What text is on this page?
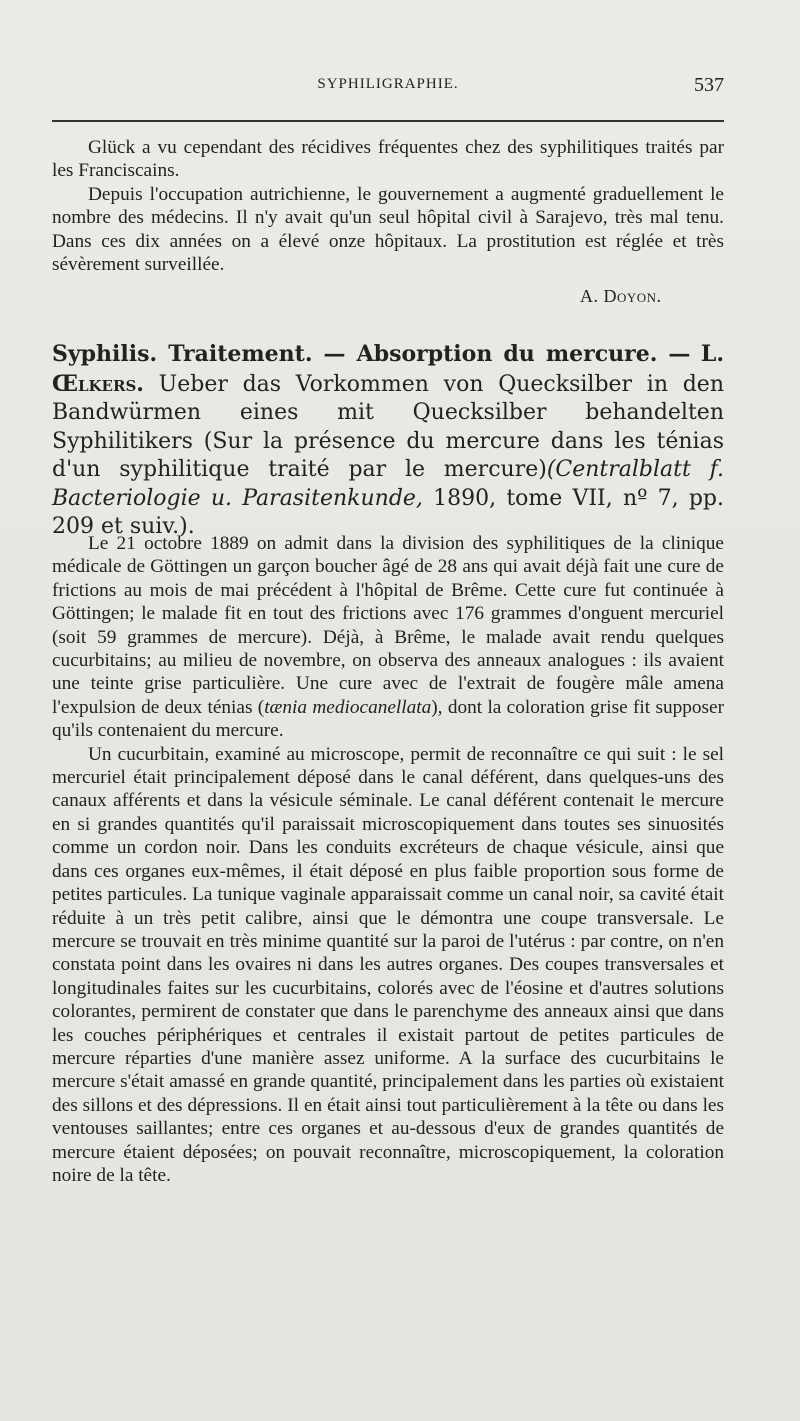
SYPHILIGRAPHIE.	537

Glück a vu cependant des récidives fréquentes chez des syphilitiques traités par les Franciscains.

Depuis l'occupation autrichienne, le gouvernement a augmenté graduellement le nombre des médecins. Il n'y avait qu'un seul hôpital civil à Sarajevo, très mal tenu. Dans ces dix années on a élevé onze hôpitaux. La prostitution est réglée et très sévèrement surveillée.

A. Doyon.
Syphilis. Traitement. — Absorption du mercure. — L. Œlkers. Ueber das Vorkommen von Quecksilber in den Bandwürmen eines mit Quecksilber behandelten Syphilitikers (Sur la présence du mercure dans les ténias d'un syphilitique traité par le mercure)(Centralblatt f. Bacteriologie u. Parasitenkunde, 1890, tome VII, nº 7, pp. 209 et suiv.).

Le 21 octobre 1889 on admit dans la division des syphilitiques de la clinique médicale de Göttingen un garçon boucher âgé de 28 ans qui avait déjà fait une cure de frictions au mois de mai précédent à l'hôpital de Brême. Cette cure fut continuée à Göttingen; le malade fit en tout des frictions avec 176 grammes d'onguent mercuriel (soit 59 grammes de mercure). Déjà, à Brême, le malade avait rendu quelques cucurbitains; au milieu de novembre, on observa des anneaux analogues : ils avaient une teinte grise particulière. Une cure avec de l'extrait de fougère mâle amena l'expulsion de deux ténias (tænia mediocanellata), dont la coloration grise fit supposer qu'ils contenaient du mercure.

Un cucurbitain, examiné au microscope, permit de reconnaître ce qui suit : le sel mercuriel était principalement déposé dans le canal déférent, dans quelques-uns des canaux afférents et dans la vésicule séminale. Le canal déférent contenait le mercure en si grandes quantités qu'il paraissait microscopiquement dans toutes ses sinuosités comme un cordon noir. Dans les conduits excréteurs de chaque vésicule, ainsi que dans ces organes eux-mêmes, il était déposé en plus faible proportion sous forme de petites particules. La tunique vaginale apparaissait comme un canal noir, sa cavité était réduite à un très petit calibre, ainsi que le démontra une coupe transversale. Le mercure se trouvait en très minime quantité sur la paroi de l'utérus : par contre, on n'en constata point dans les ovaires ni dans les autres organes. Des coupes transversales et longitudinales faites sur les cucurbitains, colorés avec de l'éosine et d'autres solutions colorantes, permirent de constater que dans le parenchyme des anneaux ainsi que dans les couches périphériques et centrales il existait partout de petites particules de mercure réparties d'une manière assez uniforme. A la surface des cucurbitains le mercure s'était amassé en grande quantité, principalement dans les parties où existaient des sillons et des dépressions. Il en était ainsi tout particulièrement à la tête ou dans les ventouses saillantes; entre ces organes et au-dessous d'eux de grandes quantités de mercure étaient déposées; on pouvait reconnaître, microscopiquement, la coloration noire de la tête.
